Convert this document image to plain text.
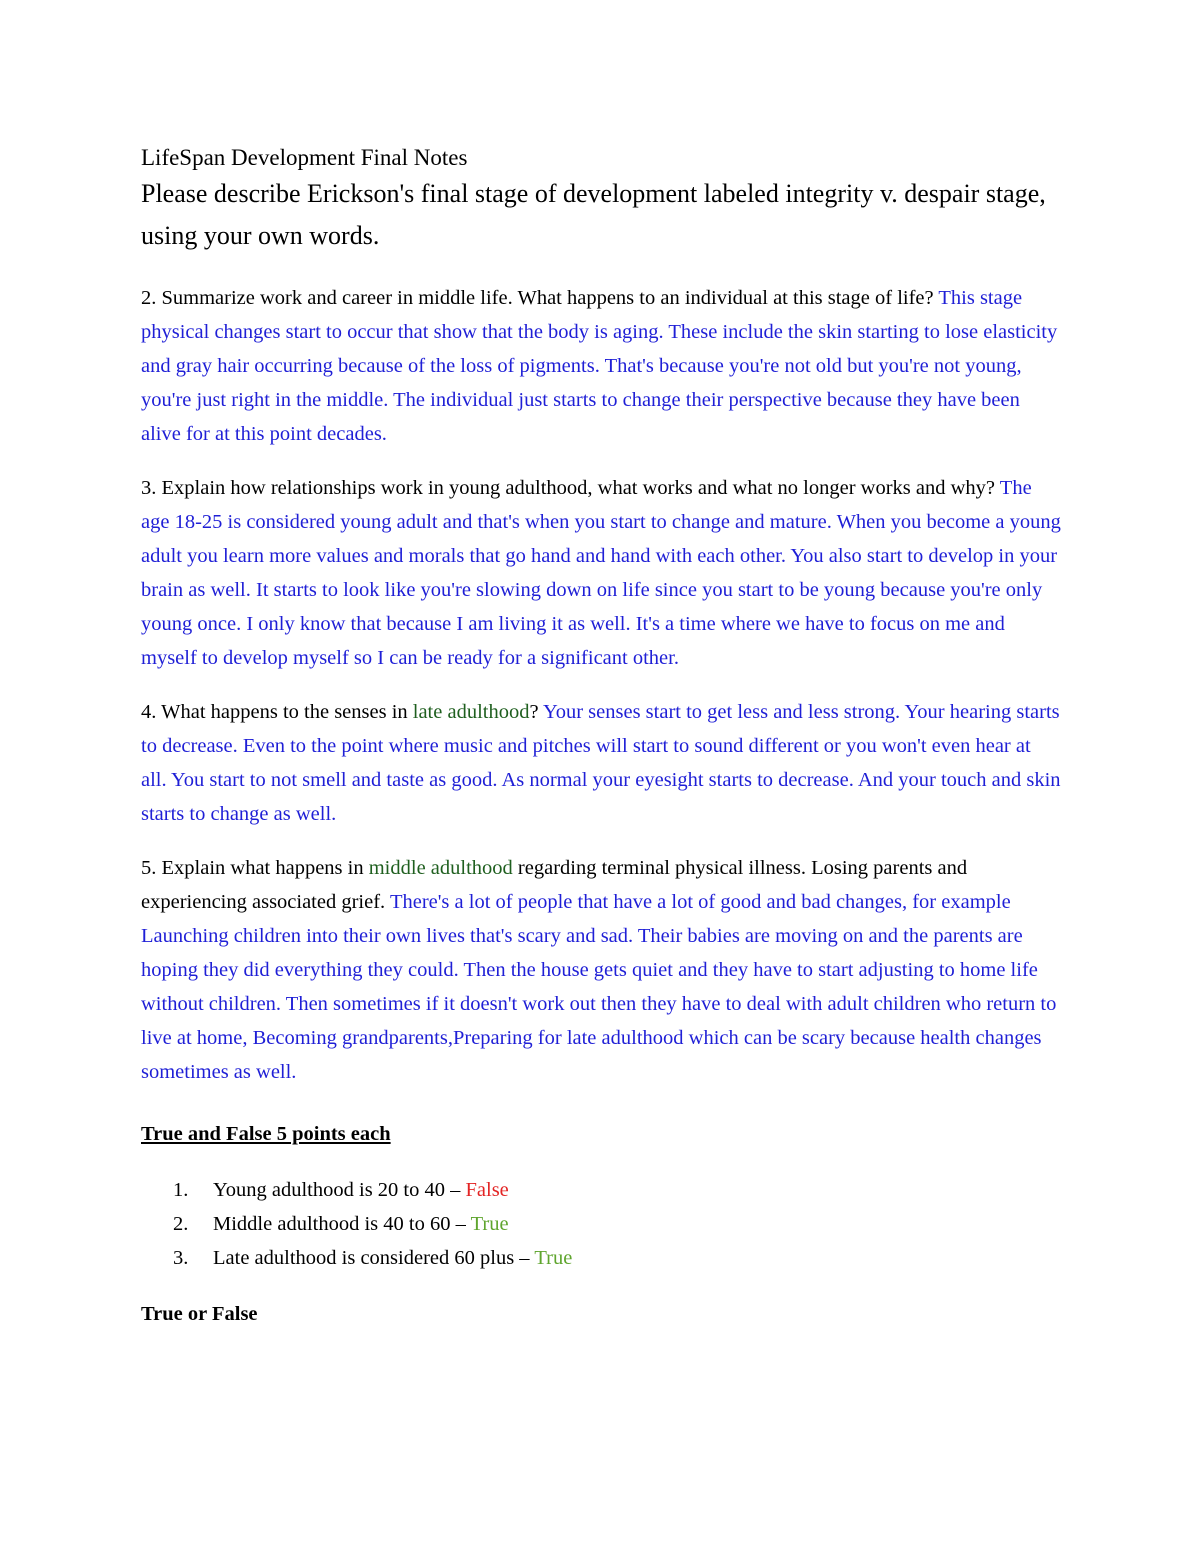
LifeSpan Development Final Notes

Please describe Erickson's final stage of development labeled integrity v. despair stage, using your own words.

2. Summarize work and career in middle life. What happens to an individual at this stage of life? This stage physical changes start to occur that show that the body is aging. These include the skin starting to lose elasticity and gray hair occurring because of the loss of pigments. That's because you're not old but you're not young, you're just right in the middle. The individual just starts to change their perspective because they have been alive for at this point decades.

3. Explain how relationships work in young adulthood, what works and what no longer works and why? The age 18-25 is considered young adult and that's when you start to change and mature. When you become a young adult you learn more values and morals that go hand and hand with each other. You also start to develop in your brain as well. It starts to look like you're slowing down on life since you start to be young because you're only young once. I only know that because I am living it as well. It's a time where we have to focus on me and myself to develop myself so I can be ready for a significant other.

4. What happens to the senses in late adulthood? Your senses start to get less and less strong. Your hearing starts to decrease. Even to the point where music and pitches will start to sound different or you won't even hear at all. You start to not smell and taste as good. As normal your eyesight starts to decrease. And your touch and skin starts to change as well.

5. Explain what happens in middle adulthood regarding terminal physical illness. Losing parents and experiencing associated grief. There's a lot of people that have a lot of good and bad changes, for example Launching children into their own lives that's scary and sad. Their babies are moving on and the parents are hoping they did everything they could. Then the house gets quiet and they have to start adjusting to home life without children. Then sometimes if it doesn't work out then they have to deal with adult children who return to live at home, Becoming grandparents,Preparing for late adulthood which can be scary because health changes sometimes as well.

True and False 5 points each

1. Young adulthood is 20 to 40 – False
2. Middle adulthood is 40 to 60 – True
3. Late adulthood is considered 60 plus – True

True or False
